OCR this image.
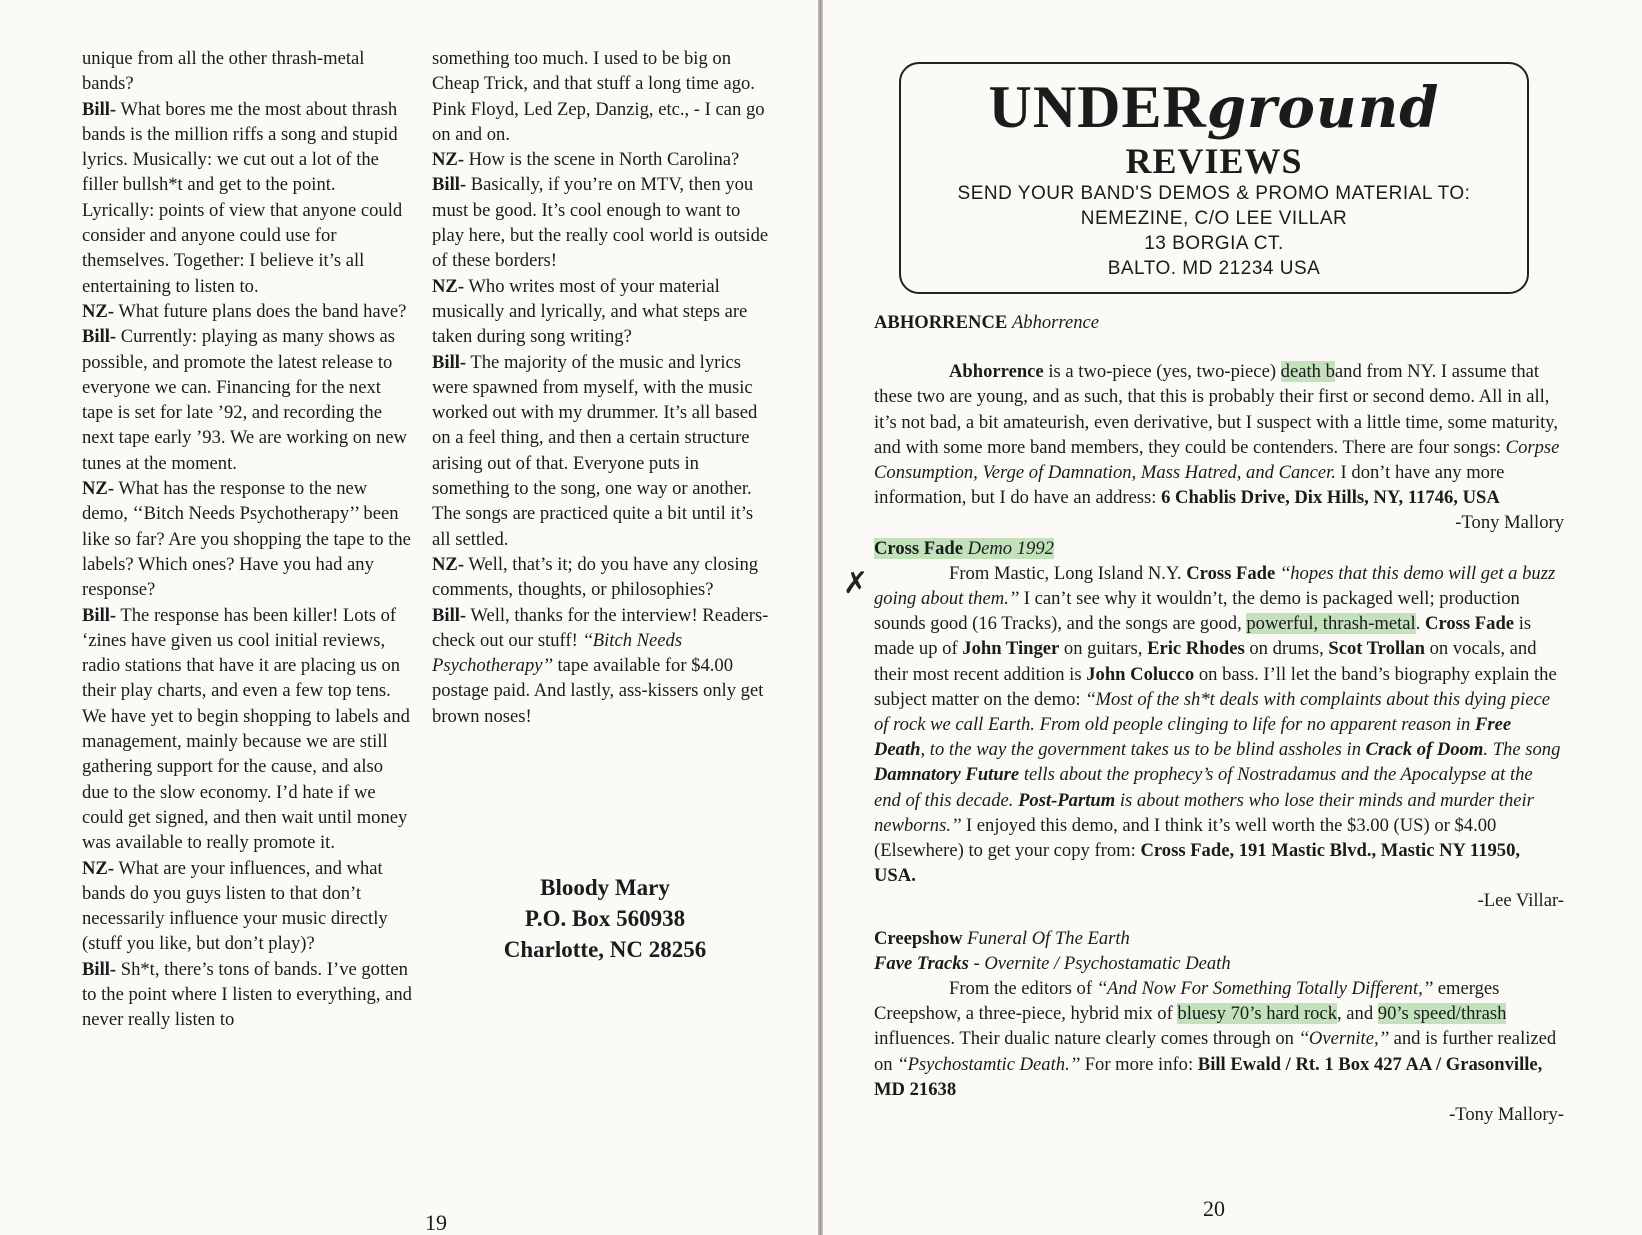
unique from all the other thrash-metal bands?

Bill- What bores me the most about thrash bands is the million riffs a song and stupid lyrics. Musically: we cut out a lot of the filler bullsh*t and get to the point. Lyrically: points of view that anyone could consider and anyone could use for themselves. Together: I believe it’s all entertaining to listen to.

NZ- What future plans does the band have?

Bill- Currently: playing as many shows as possible, and promote the latest release to everyone we can. Financing for the next tape is set for late ’92, and recording the next tape early ’93. We are working on new tunes at the moment.

NZ- What has the response to the new demo, ‘‘Bitch Needs Psychotherapy’’ been like so far? Are you shopping the tape to the labels? Which ones? Have you had any response?

Bill- The response has been killer! Lots of ‘zines have given us cool initial reviews, radio stations that have it are placing us on their play charts, and even a few top tens. We have yet to begin shopping to labels and management, mainly because we are still gathering support for the cause, and also due to the slow economy. I’d hate if we could get signed, and then wait until money was available to really promote it.

NZ- What are your influences, and what bands do you guys listen to that don’t necessarily influence your music directly (stuff you like, but don’t play)?

Bill- Sh*t, there’s tons of bands. I’ve gotten to the point where I listen to everything, and never really listen to

something too much. I used to be big on Cheap Trick, and that stuff a long time ago. Pink Floyd, Led Zep, Danzig, etc., - I can go on and on.

NZ- How is the scene in North Carolina?

Bill- Basically, if you’re on MTV, then you must be good. It’s cool enough to want to play here, but the really cool world is outside of these borders!

NZ- Who writes most of your material musically and lyrically, and what steps are taken during song writing?

Bill- The majority of the music and lyrics were spawned from myself, with the music worked out with my drummer. It’s all based on a feel thing, and then a certain structure arising out of that. Everyone puts in something to the song, one way or another. The songs are practiced quite a bit until it’s all settled.

NZ- Well, that’s it; do you have any closing comments, thoughts, or philosophies?

Bill- Well, thanks for the interview! Readers- check out our stuff! ‘‘Bitch Needs Psychotherapy’’ tape available for $4.00 postage paid. And lastly, ass-kissers only get brown noses!

Bloody Mary
P.O. Box 560938
Charlotte, NC 28256
19
UNDERground
REVIEWS
SEND YOUR BAND'S DEMOS & PROMO MATERIAL TO:
NEMEZINE, C/O LEE VILLAR
13 BORGIA CT.
BALTO. MD 21234 USA

ABHORRENCE Abhorrence

Abhorrence is a two-piece (yes, two-piece) death band from NY. I assume that these two are young, and as such, that this is probably their first or second demo. All in all, it’s not bad, a bit amateurish, even derivative, but I suspect with a little time, some maturity, and with some more band members, they could be contenders. There are four songs: Corpse Consumption, Verge of Damnation, Mass Hatred, and Cancer. I don’t have any more information, but I do have an address: 6 Chablis Drive, Dix Hills, NY, 11746, USA

-Tony Mallory

Cross Fade Demo 1992

From Mastic, Long Island N.Y. Cross Fade ‘‘hopes that this demo will get a buzz going about them.’’ I can’t see why it wouldn’t, the demo is packaged well; production sounds good (16 Tracks), and the songs are good, powerful, thrash-metal. Cross Fade is made up of John Tinger on guitars, Eric Rhodes on drums, Scot Trollan on vocals, and their most recent addition is John Colucco on bass. I’ll let the band’s biography explain the subject matter on the demo: ‘‘Most of the sh*t deals with complaints about this dying piece of rock we call Earth. From old people clinging to life for no apparent reason in Free Death, to the way the government takes us to be blind assholes in Crack of Doom. The song Damnatory Future tells about the prophecy’s of Nostradamus and the Apocalypse at the end of this decade. Post-Partum is about mothers who lose their minds and murder their newborns.’’ I enjoyed this demo, and I think it’s well worth the $3.00 (US) or $4.00 (Elsewhere) to get your copy from: Cross Fade, 191 Mastic Blvd., Mastic NY 11950, USA.

-Lee Villar-

Creepshow Funeral Of The Earth

Fave Tracks - Overnite / Psychostamatic Death

From the editors of ‘‘And Now For Something Totally Different,’’ emerges Creepshow, a three-piece, hybrid mix of bluesy 70’s hard rock, and 90’s speed/thrash influences. Their dualic nature clearly comes through on ‘‘Overnite,’’ and is further realized on ‘‘Psychostamtic Death.’’ For more info: Bill Ewald / Rt. 1 Box 427 AA / Grasonville, MD 21638

-Tony Mallory-

✗
20
